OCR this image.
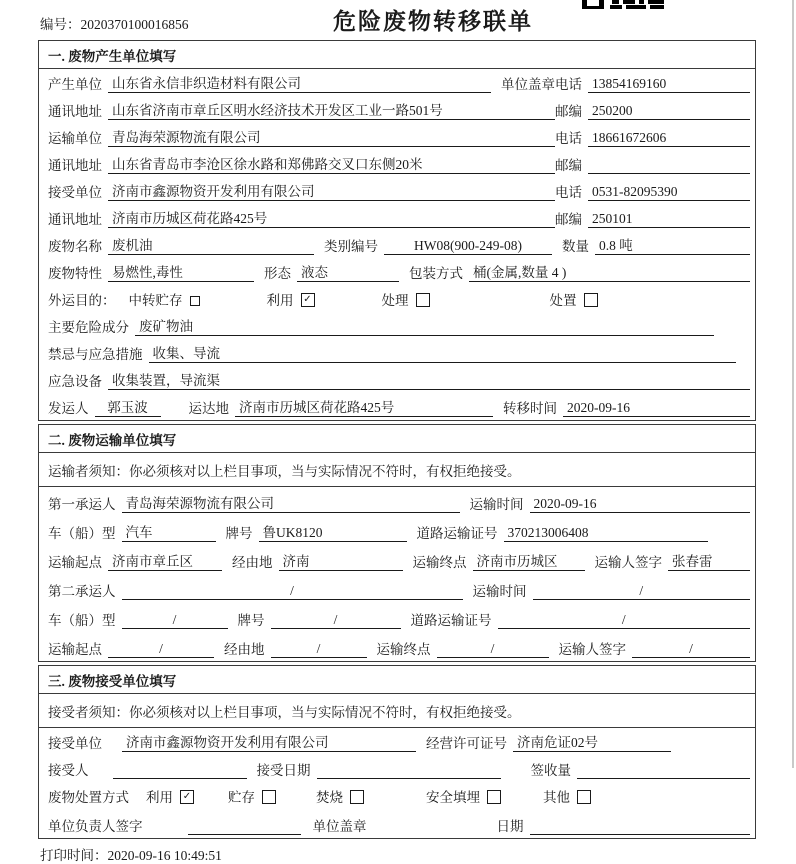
编号：2020370100016856	危险废物转移联单
一. 废物产生单位填写
产生单位 山东省永信非织造材料有限公司	单位盖章 电话 13854169160
通讯地址 山东省济南市章丘区明水经济技术开发区工业一路501号	邮编 250200
运输单位 青岛海荣源物流有限公司	电话 18661672606
通讯地址 山东省青岛市李沧区徐水路和郑佛路交叉口东侧20米	邮编
接受单位 济南市鑫源物资开发利用有限公司	电话 0531-82095390
通讯地址 济南市历城区荷花路425号	邮编 250101
废物名称 废机油	类别编号	HW08(900-249-08)	数量 0.8 吨
废物特性 易燃性,毒性	形态 液态	包装方式 桶(金属,数量 4 )
外运目的： 中转贮存	利用 ✓	处理	处置
主要危险成分 废矿物油
禁忌与应急措施 收集、导流
应急设备 收集装置，导流渠
发运人	郭玉波	运达地 济南市历城区荷花路425号	转移时间 2020-09-16
二. 废物运输单位填写
运输者须知：你必须核对以上栏目事项，当与实际情况不符时，有权拒绝接受。
第一承运人 青岛海荣源物流有限公司	运输时间 2020-09-16
车（船）型 汽车	牌号 鲁UK8120	道路运输证号 370213006408
运输起点 济南市章丘区	经由地 济南	运输终点 济南市历城区	运输人签字 张春雷
第二承运人	/	运输时间	/
车（船）型	/	牌号	/	道路运输证号	/
运输起点	/	经由地	/	运输终点	/	运输人签字	/
三. 废物接受单位填写
接受者须知：你必须核对以上栏目事项，当与实际情况不符时，有权拒绝接受。
接受单位 济南市鑫源物资开发利用有限公司	经营许可证号 济南危证02号
接受人	接受日期	签收量
废物处置方式 利用 ✓	贮存	焚烧	安全填埋	其他
单位负责人签字	单位盖章	日期
打印时间：2020-09-16 10:49:51
